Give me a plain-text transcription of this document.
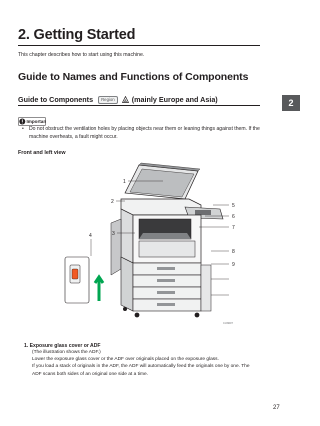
2. Getting Started
This chapter describes how to start using this machine.
Guide to Names and Functions of Components
Guide to Components Region A (mainly Europe and Asia)
Important
• Do not obstruct the ventilation holes by placing objects near them or leaning things against them. If the machine overheats, a fault might occur.
Front and left view
2
1
2
3
4
5
6
7
8
9
CUN007
1. Exposure glass cover or ADF
(The illustration shows the ADF.)
Lower the exposure glass cover or the ADF over originals placed on the exposure glass.
If you load a stack of originals in the ADF, the ADF will automatically feed the originals one by one. The ADF scans both sides of an original one side at a time.
27
